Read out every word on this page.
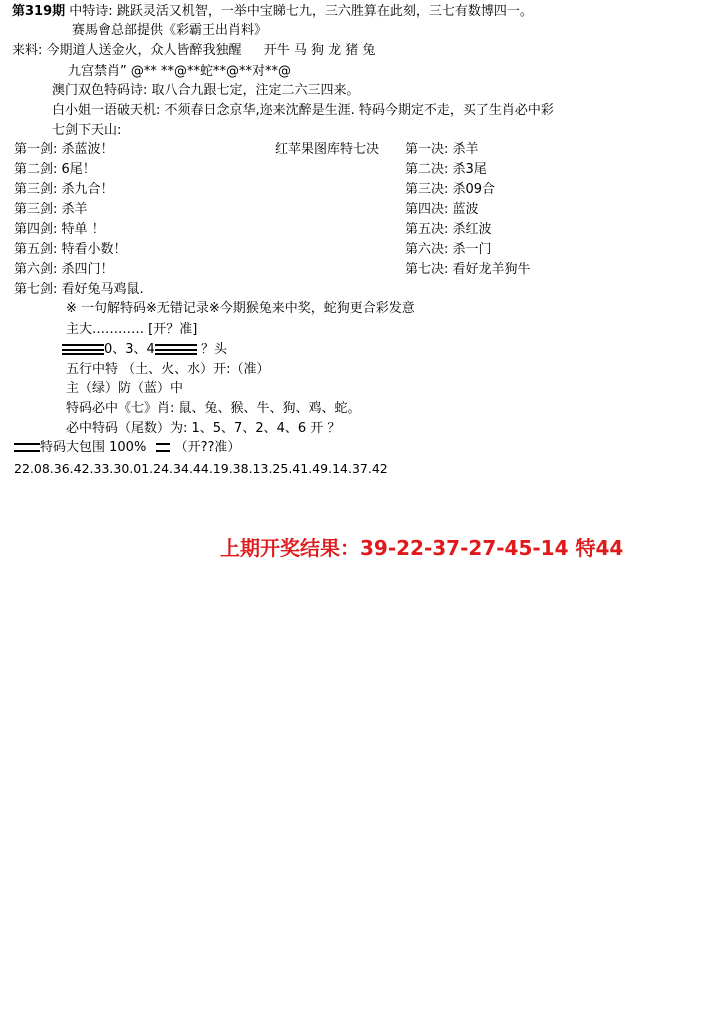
第319期 中特诗: 跳跃灵活又机智，一举中宝睇七九，三六胜算在此刻，三七有数博四一。
赛馬會总部提供《彩霸王出肖料》
来料: 今期道人送金火，众人皆醉我独醒 开牛 马 狗 龙 猪 兔
九宫禁肖” @** **@**蛇**@**对**@
澳门双色特码诗: 取八合九跟七定，注定二六三四来。
白小姐一语破天机: 不须春日念京华,迩来沈醉是生涯. 特码今期定不走，买了生肖必中彩
七剑下天山:
第一剑: 杀蓝波！
第二剑: 6尾！
第三剑: 杀九合！
第三剑: 杀羊
第四剑: 特单 ！
第五剑: 特看小数！
第六剑: 杀四门！
第七剑: 看好兔马鸡鼠.
红苹果图库特七决 第一决: 杀羊
第二决: 杀3尾
第三决: 杀09合
第四决: 蓝波
第五决: 杀红波
第六决: 杀一门
第七决: 看好龙羊狗牛
※ 一句解特码※无错记录※今期猴兔来中奖，蛇狗更合彩发意
主大………… [开？准]
0、3、4	？头
五行中特 （土、火、水）开:（准）
主（绿）防（蓝）中
特码必中《七》肖: 鼠、兔、猴、牛、狗、鸡、蛇。
必中特码（尾数）为: 1、5、7、2、4、6 开 ？
特码大包围 100%  （开??准）
22.08.36.42.33.30.01.24.34.44.19.38.13.25.41.49.14.37.42
上期开奖结果：39-22-37-27-45-14 特44
